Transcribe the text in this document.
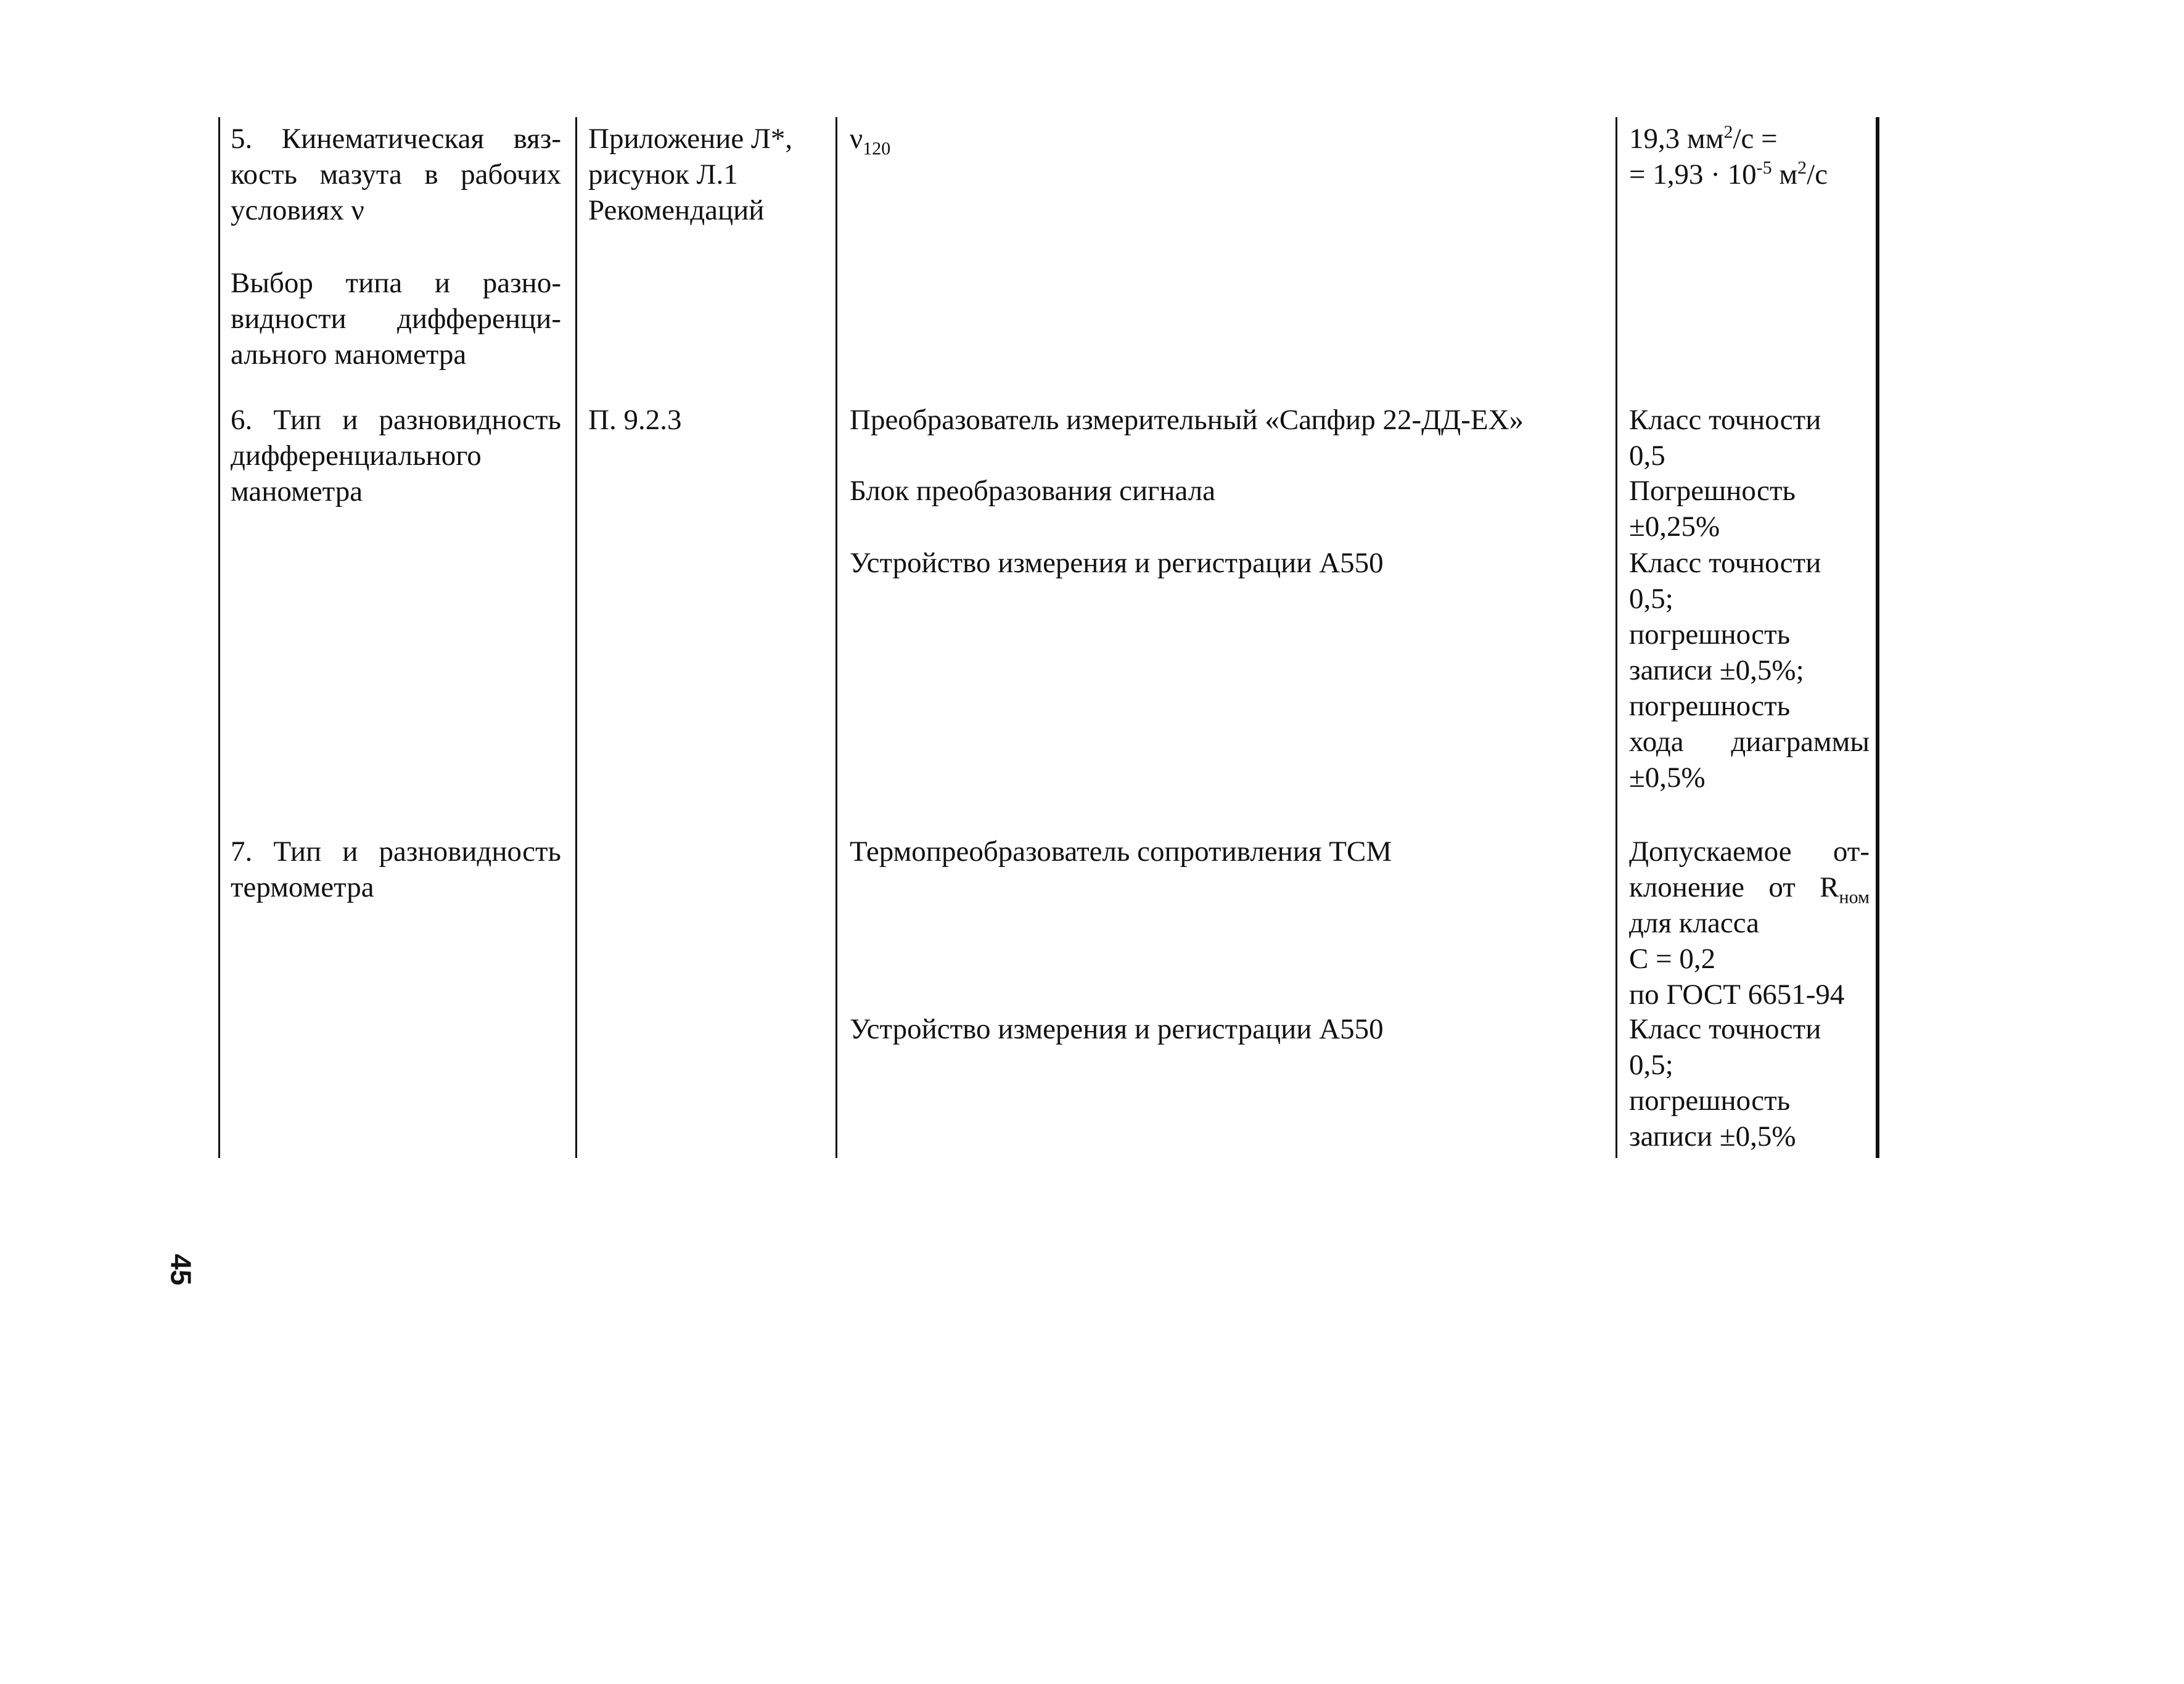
5. Кинематическая вяз-
кость мазута в рабочих
условиях ν
Выбор типа и разно-
видности дифференци-
ального манометра
Приложение Л*,
рисунок Л.1
Рекомендаций
$\nu_{120}$	19,3 $мм^2/с$ =
= $1,93 \cdot 10^{-5}$ $м^2/с$
6. Тип и разновидность
дифференциального
манометра
П. 9.2.3	Преобразователь измерительный «Сапфир 22-ДД-ЕХ»
Блок преобразования сигнала
Устройство измерения и регистрации А550
Класс точности
0,5
Погрешность
±0,25%
Класс точности
0,5;
погрешность
записи ±0,5%;
погрешность
хода диаграммы
±0,5%
7. Тип и разновидность
термометра
Термопреобразователь сопротивления ТСМ
Устройство измерения и регистрации А550
Допускаемое от-
клонение от $R_{ном}$
для класса
С = 0,2
по ГОСТ 6651-94
Класс точности
0,5;
погрешность
записи ±0,5%
45
